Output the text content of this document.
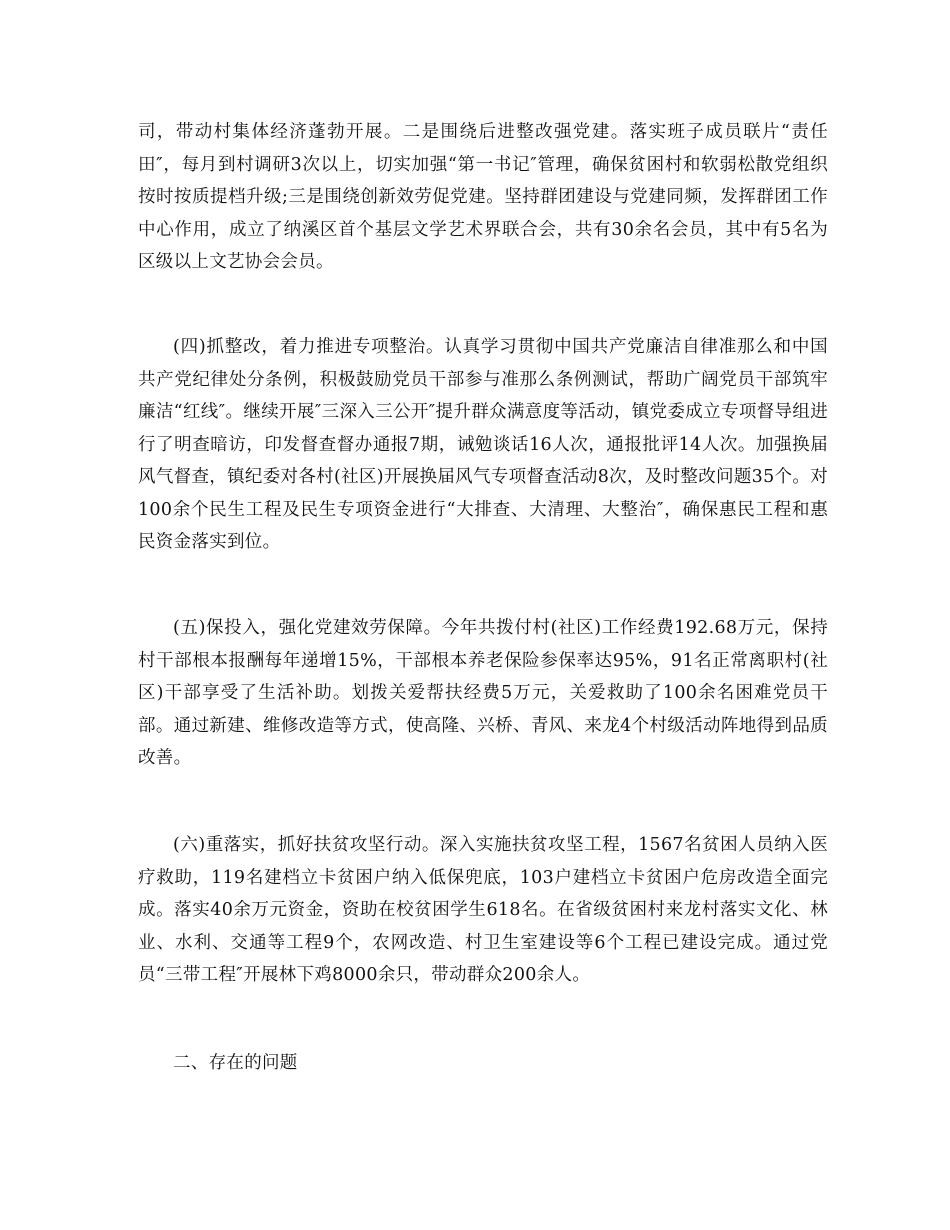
司，带动村集体经济蓬勃开展。二是围绕后进整改强党建。落实班子成员联片“责任田″，每月到村调研3次以上，切实加强“第一书记″管理，确保贫困村和软弱松散党组织按时按质提档升级;三是围绕创新效劳促党建。坚持群团建设与党建同频，发挥群团工作中心作用，成立了纳溪区首个基层文学艺术界联合会，共有30余名会员，其中有5名为区级以上文艺协会会员。

(四)抓整改，着力推进专项整治。认真学习贯彻中国共产党廉洁自律准那么和中国共产党纪律处分条例，积极鼓励党员干部参与准那么条例测试，帮助广阔党员干部筑牢廉洁“红线″。继续开展″三深入三公开″提升群众满意度等活动，镇党委成立专项督导组进行了明查暗访，印发督查督办通报7期，诫勉谈话16人次，通报批评14人次。加强换届风气督查，镇纪委对各村(社区)开展换届风气专项督查活动8次，及时整改问题35个。对100余个民生工程及民生专项资金进行“大排查、大清理、大整治″，确保惠民工程和惠民资金落实到位。

(五)保投入，强化党建效劳保障。今年共拨付村(社区)工作经费192.68万元，保持村干部根本报酬每年递增15%，干部根本养老保险参保率达95%，91名正常离职村(社区)干部享受了生活补助。划拨关爱帮扶经费5万元，关爱救助了100余名困难党员干部。通过新建、维修改造等方式，使高隆、兴桥、青风、来龙4个村级活动阵地得到品质改善。

(六)重落实，抓好扶贫攻坚行动。深入实施扶贫攻坚工程，1567名贫困人员纳入医疗救助，119名建档立卡贫困户纳入低保兜底，103户建档立卡贫困户危房改造全面完成。落实40余万元资金，资助在校贫困学生618名。在省级贫困村来龙村落实文化、林业、水利、交通等工程9个，农网改造、村卫生室建设等6个工程已建设完成。通过党员“三带工程″开展林下鸡8000余只，带动群众200余人。

二、存在的问题
